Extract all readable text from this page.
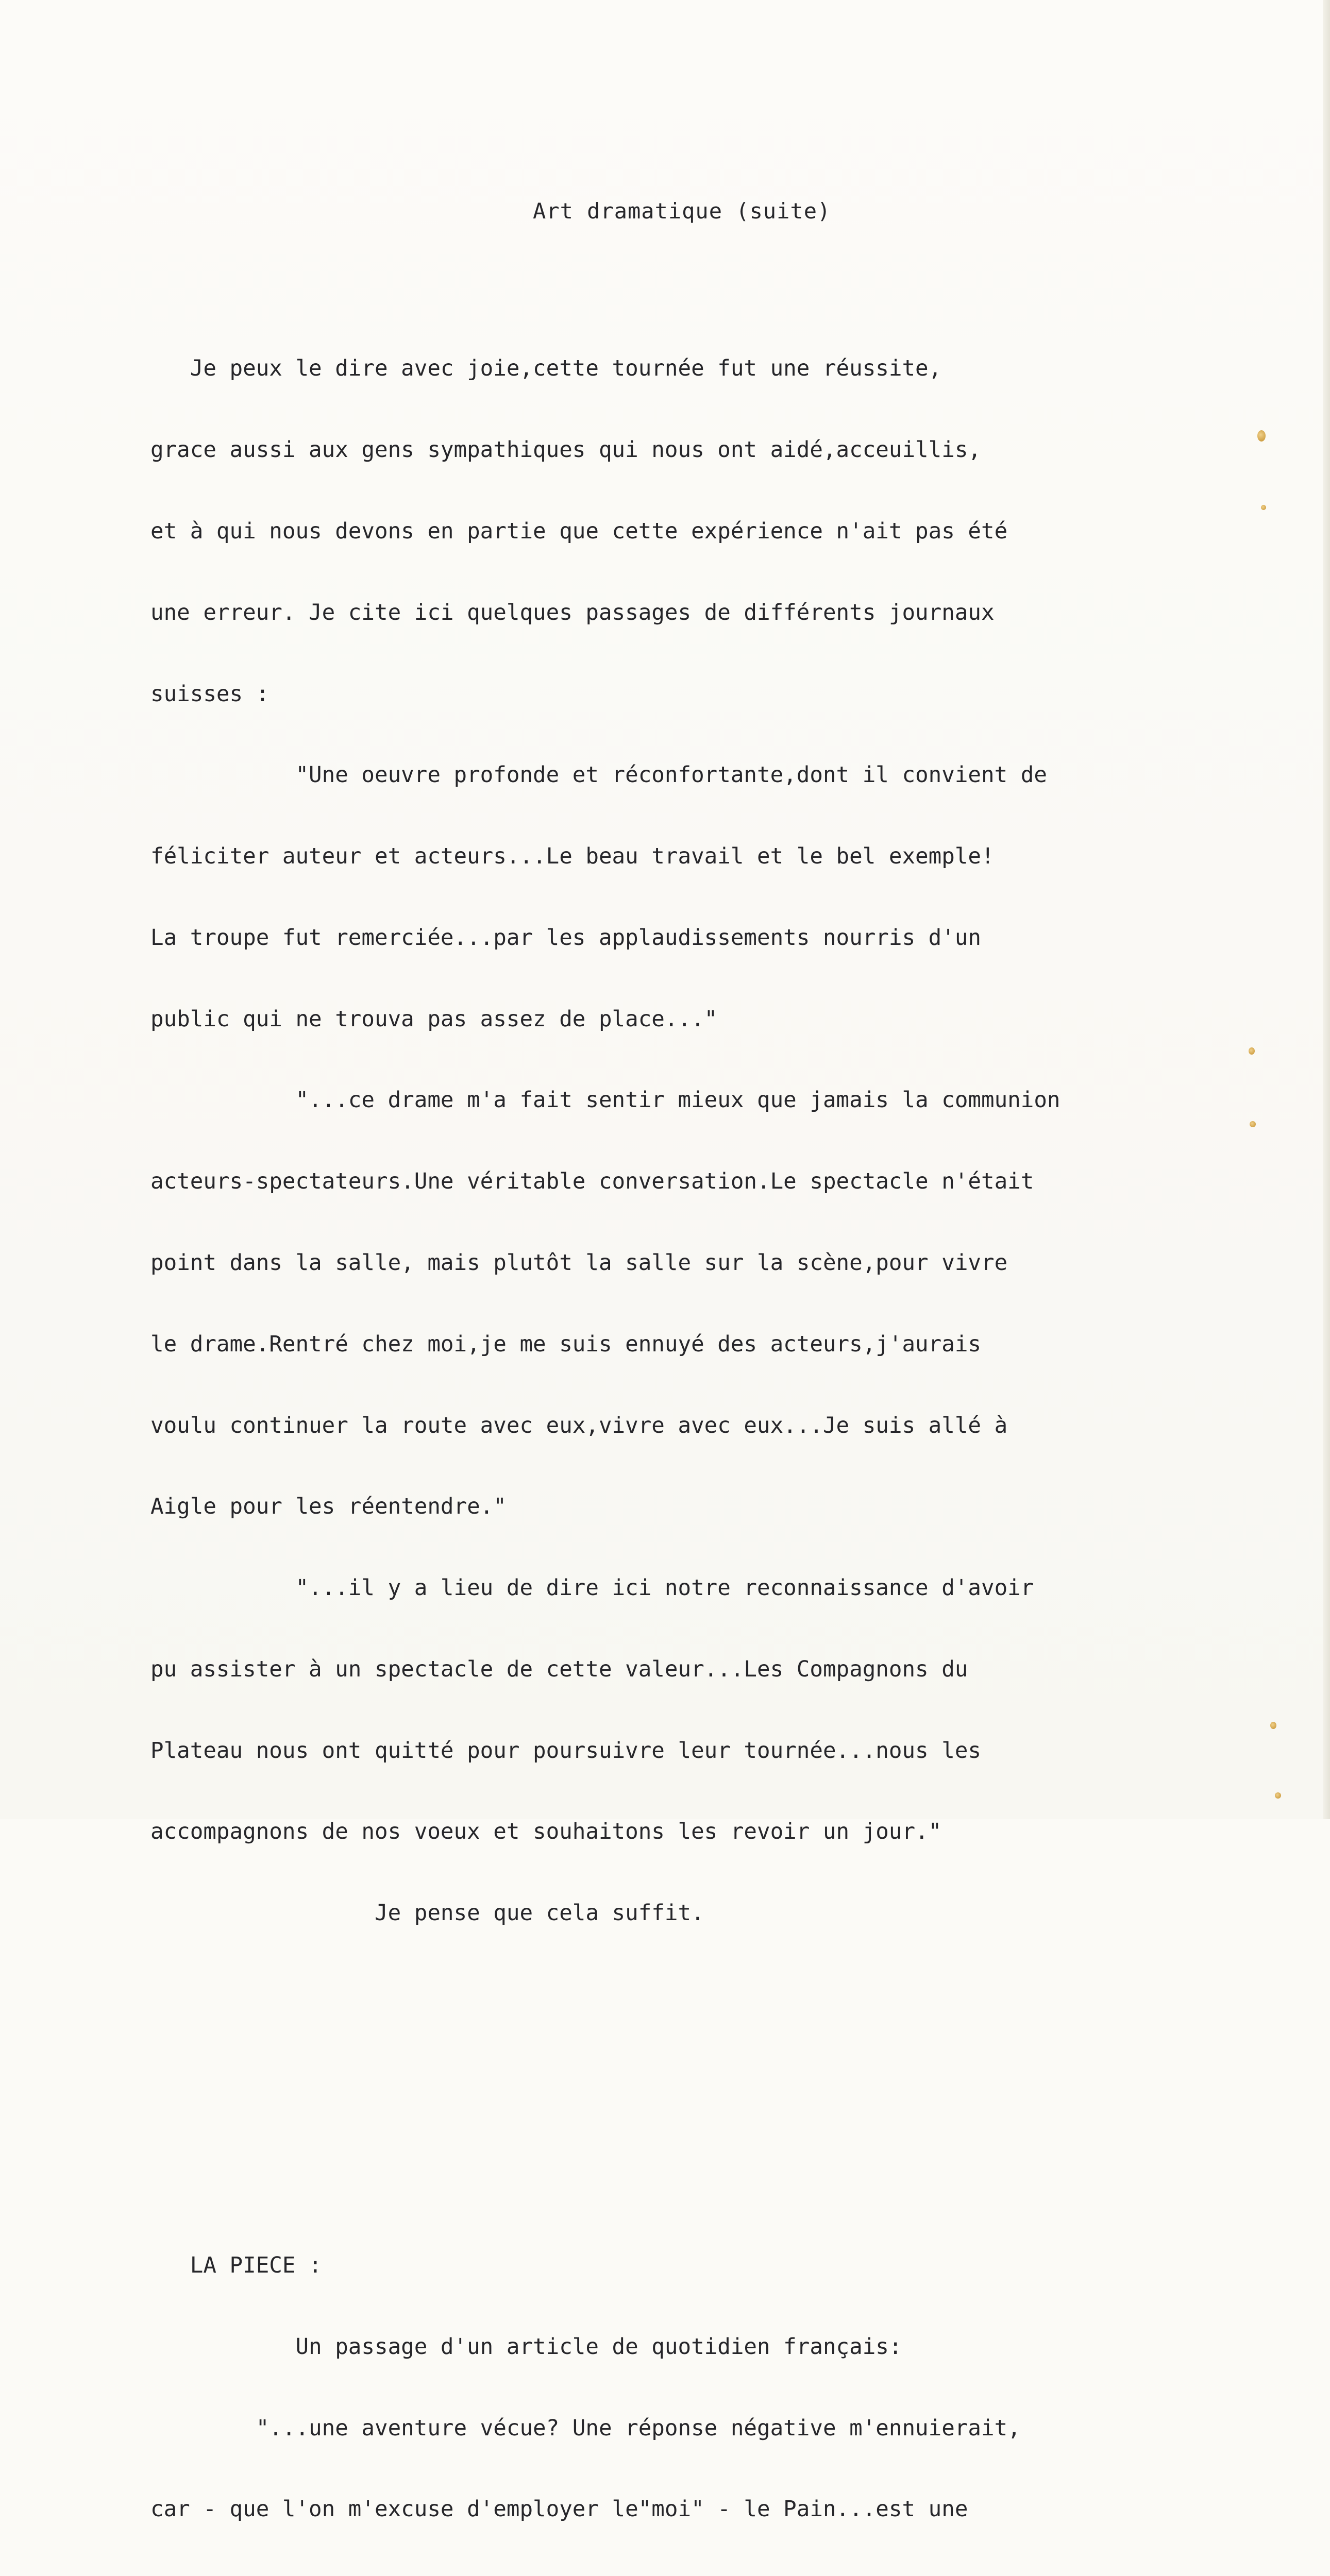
Art dramatique (suite)

Je peux le dire avec joie,cette tournée fut une réussite,

grace aussi aux gens sympathiques qui nous ont aidé,acceuillis,

et à qui nous devons en partie que cette expérience n'ait pas été

une erreur. Je cite ici quelques passages de différents journaux

suisses :

"Une oeuvre profonde et réconfortante,dont il convient de

féliciter auteur et acteurs...Le beau travail et le bel exemple!

La troupe fut remerciée...par les applaudissements nourris d'un

public qui ne trouva pas assez de place..."

"...ce drame m'a fait sentir mieux que jamais la communion

acteurs-spectateurs.Une véritable conversation.Le spectacle n'était

point dans la salle, mais plutôt la salle sur la scène,pour vivre

le drame.Rentré chez moi,je me suis ennuyé des acteurs,j'aurais

voulu continuer la route avec eux,vivre avec eux...Je suis allé à

Aigle pour les réentendre."

"...il y a lieu de dire ici notre reconnaissance d'avoir

pu assister à un spectacle de cette valeur...Les Compagnons du

Plateau nous ont quitté pour poursuivre leur tournée...nous les

accompagnons de nos voeux et souhaitons les revoir un jour."

Je pense que cela suffit.

LA PIECE :

Un passage d'un article de quotidien français:

"...une aventure vécue? Une réponse négative m'ennuierait,

car - que l'on m'excuse d'employer le"moi" - le Pain...est une
